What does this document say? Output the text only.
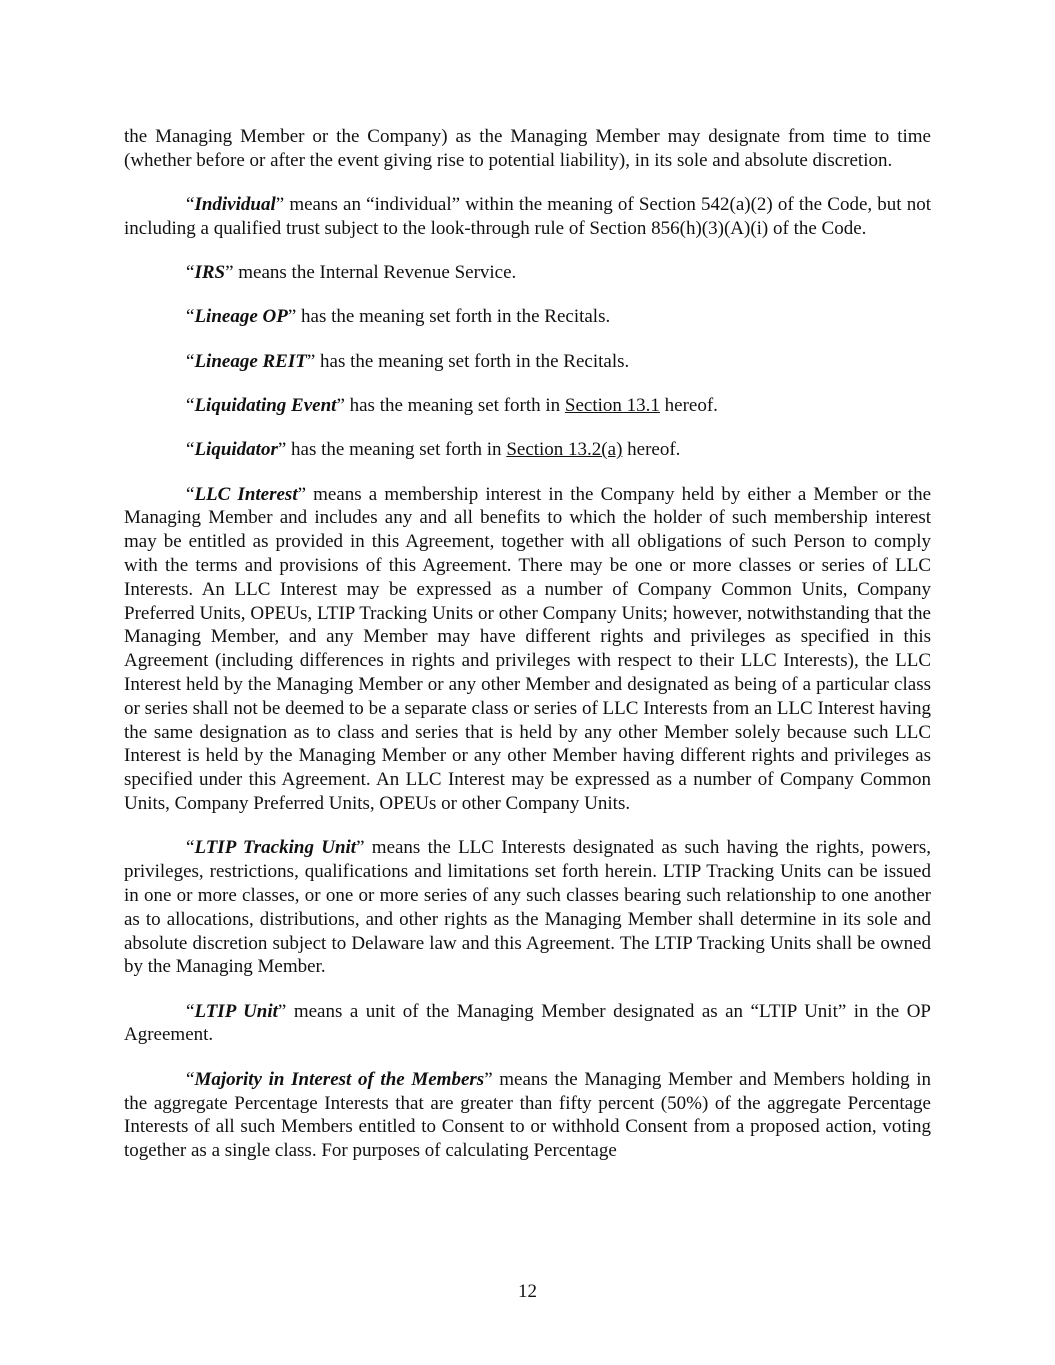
the Managing Member or the Company) as the Managing Member may designate from time to time (whether before or after the event giving rise to potential liability), in its sole and absolute discretion.

“Individual” means an “individual” within the meaning of Section 542(a)(2) of the Code, but not including a qualified trust subject to the look-through rule of Section 856(h)(3)(A)(i) of the Code.

“IRS” means the Internal Revenue Service.

“Lineage OP” has the meaning set forth in the Recitals.

“Lineage REIT” has the meaning set forth in the Recitals.

“Liquidating Event” has the meaning set forth in Section 13.1 hereof.

“Liquidator” has the meaning set forth in Section 13.2(a) hereof.

“LLC Interest” means a membership interest in the Company held by either a Member or the Managing Member and includes any and all benefits to which the holder of such membership interest may be entitled as provided in this Agreement, together with all obligations of such Person to comply with the terms and provisions of this Agreement. There may be one or more classes or series of LLC Interests. An LLC Interest may be expressed as a number of Company Common Units, Company Preferred Units, OPEUs, LTIP Tracking Units or other Company Units; however, notwithstanding that the Managing Member, and any Member may have different rights and privileges as specified in this Agreement (including differences in rights and privileges with respect to their LLC Interests), the LLC Interest held by the Managing Member or any other Member and designated as being of a particular class or series shall not be deemed to be a separate class or series of LLC Interests from an LLC Interest having the same designation as to class and series that is held by any other Member solely because such LLC Interest is held by the Managing Member or any other Member having different rights and privileges as specified under this Agreement. An LLC Interest may be expressed as a number of Company Common Units, Company Preferred Units, OPEUs or other Company Units.

“LTIP Tracking Unit” means the LLC Interests designated as such having the rights, powers, privileges, restrictions, qualifications and limitations set forth herein. LTIP Tracking Units can be issued in one or more classes, or one or more series of any such classes bearing such relationship to one another as to allocations, distributions, and other rights as the Managing Member shall determine in its sole and absolute discretion subject to Delaware law and this Agreement. The LTIP Tracking Units shall be owned by the Managing Member.

“LTIP Unit” means a unit of the Managing Member designated as an “LTIP Unit” in the OP Agreement.

“Majority in Interest of the Members” means the Managing Member and Members holding in the aggregate Percentage Interests that are greater than fifty percent (50%) of the aggregate Percentage Interests of all such Members entitled to Consent to or withhold Consent from a proposed action, voting together as a single class. For purposes of calculating Percentage

12
